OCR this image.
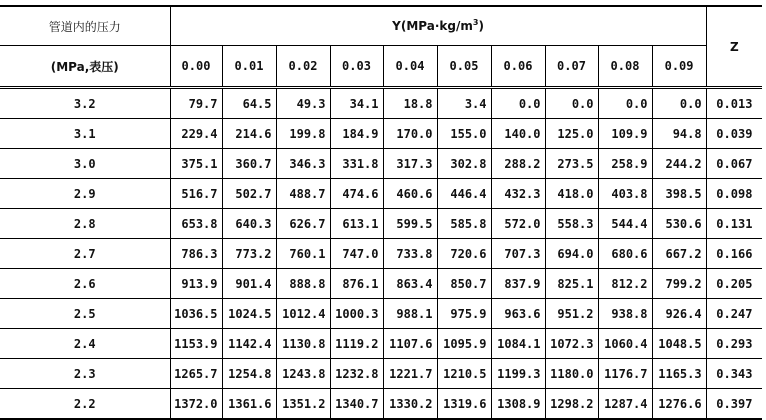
管道内的压力	$Y(MPa\cdot kg/m^3)$										Z
(MPa,表压)	0.00	0.01	0.02	0.03	0.04	0.05	0.06	0.07	0.08	0.09	
3.2	79.7	64.5	49.3	34.1	18.8	3.4	0.0	0.0	0.0	0.0	0.013
3.1	229.4	214.6	199.8	184.9	170.0	155.0	140.0	125.0	109.9	94.8	0.039
3.0	375.1	360.7	346.3	331.8	317.3	302.8	288.2	273.5	258.9	244.2	0.067
2.9	516.7	502.7	488.7	474.6	460.6	446.4	432.3	418.0	403.8	398.5	0.098
2.8	653.8	640.3	626.7	613.1	599.5	585.8	572.0	558.3	544.4	530.6	0.131
2.7	786.3	773.2	760.1	747.0	733.8	720.6	707.3	694.0	680.6	667.2	0.166
2.6	913.9	901.4	888.8	876.1	863.4	850.7	837.9	825.1	812.2	799.2	0.205
2.5	1036.5	1024.5	1012.4	1000.3	988.1	975.9	963.6	951.2	938.8	926.4	0.247
2.4	1153.9	1142.4	1130.8	1119.2	1107.6	1095.9	1084.1	1072.3	1060.4	1048.5	0.293
2.3	1265.7	1254.8	1243.8	1232.8	1221.7	1210.5	1199.3	1180.0	1176.7	1165.3	0.343
2.2	1372.0	1361.6	1351.2	1340.7	1330.2	1319.6	1308.9	1298.2	1287.4	1276.6	0.397
